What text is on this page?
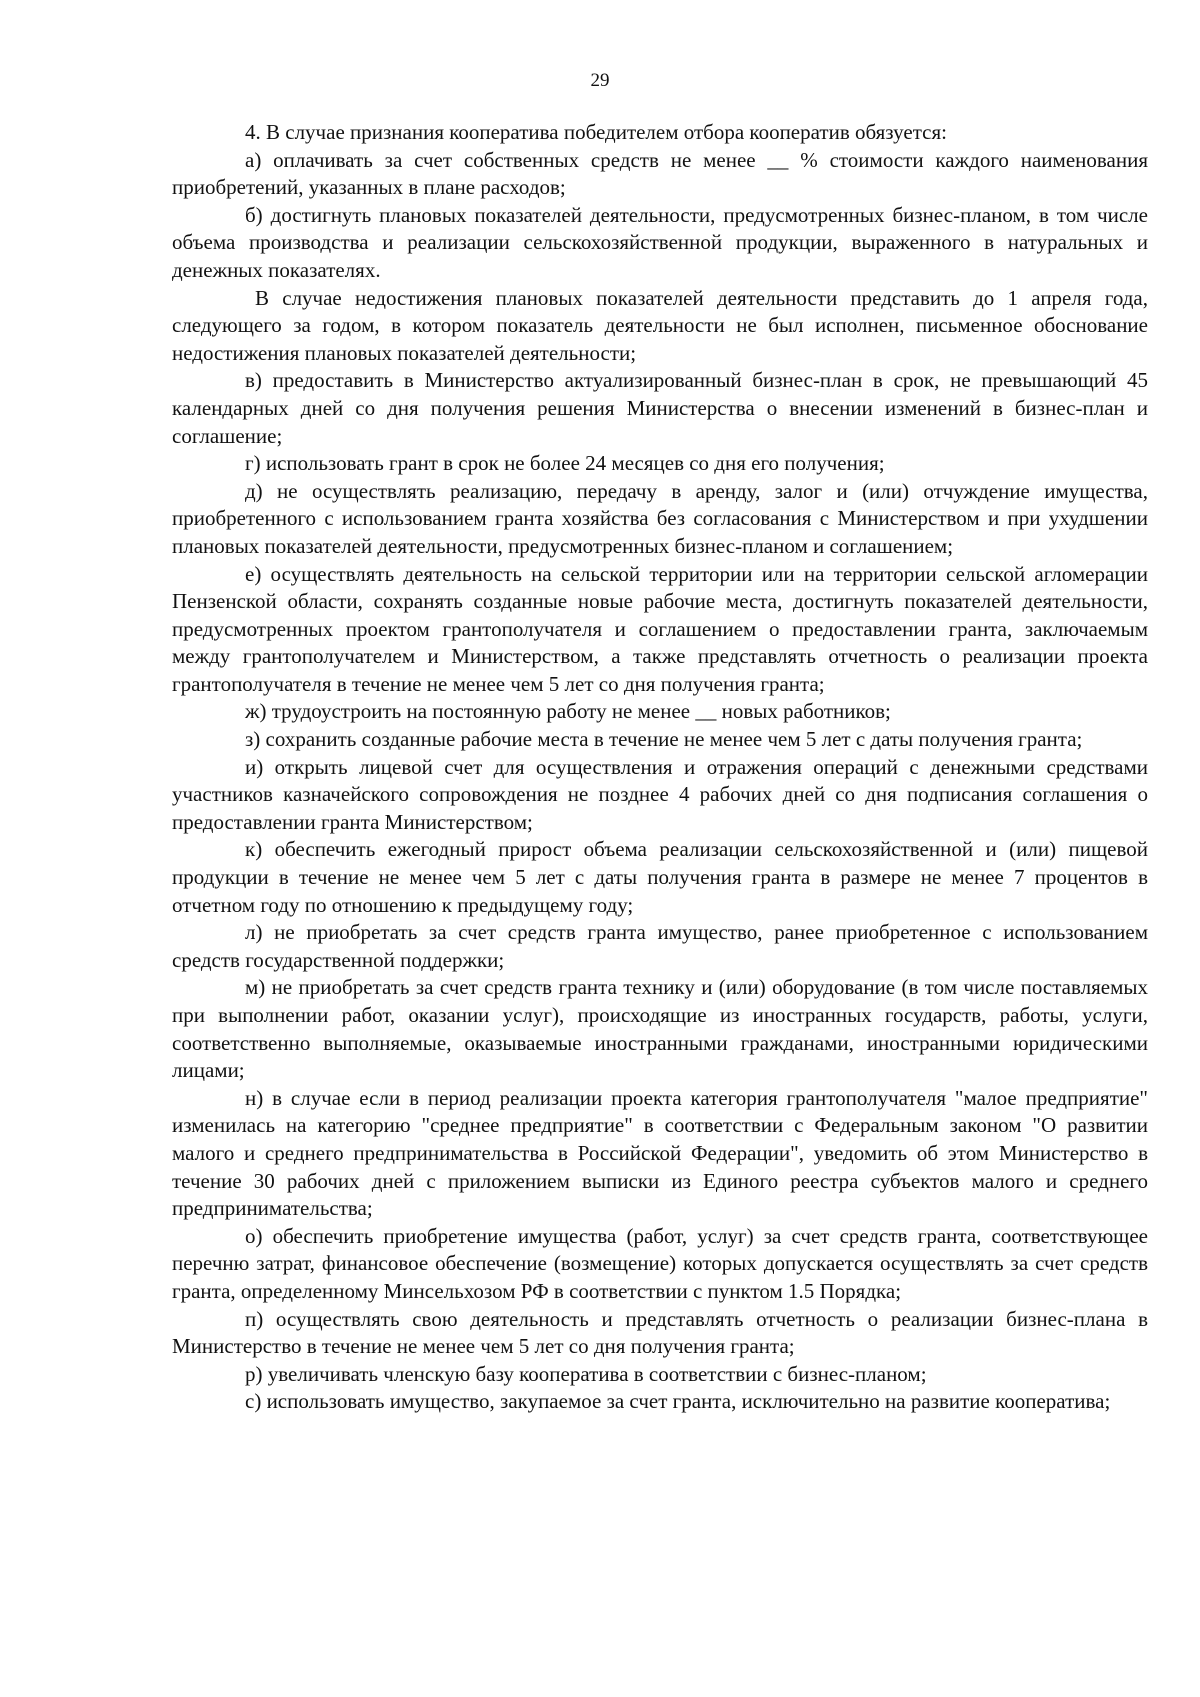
29

4. В случае признания кооператива победителем отбора кооператив обязуется:

а) оплачивать за счет собственных средств не менее __ % стоимости каждого наименования приобретений, указанных в плане расходов;

б) достигнуть плановых показателей деятельности, предусмотренных бизнес-планом, в том числе объема производства и реализации сельскохозяйственной продукции, выраженного в натуральных и денежных показателях.

В случае недостижения плановых показателей деятельности представить до 1 апреля года, следующего за годом, в котором показатель деятельности не был исполнен, письменное обоснование недостижения плановых показателей деятельности;

в) предоставить в Министерство актуализированный бизнес-план в срок, не превышающий 45 календарных дней со дня получения решения Министерства о внесении изменений в бизнес-план и соглашение;

г) использовать грант в срок не более 24 месяцев со дня его получения;

д) не осуществлять реализацию, передачу в аренду, залог и (или) отчуждение имущества, приобретенного с использованием гранта хозяйства без согласования с Министерством и при ухудшении плановых показателей деятельности, предусмотренных бизнес-планом и соглашением;

е) осуществлять деятельность на сельской территории или на территории сельской агломерации Пензенской области, сохранять созданные новые рабочие места, достигнуть показателей деятельности, предусмотренных проектом грантополучателя и соглашением о предоставлении гранта, заключаемым между грантополучателем и Министерством, а также представлять отчетность о реализации проекта грантополучателя в течение не менее чем 5 лет со дня получения гранта;

ж) трудоустроить на постоянную работу не менее __ новых работников;

з) сохранить созданные рабочие места в течение не менее чем 5 лет с даты получения гранта;

и) открыть лицевой счет для осуществления и отражения операций с денежными средствами участников казначейского сопровождения не позднее 4 рабочих дней со дня подписания соглашения о предоставлении гранта Министерством;

к) обеспечить ежегодный прирост объема реализации сельскохозяйственной и (или) пищевой продукции в течение не менее чем 5 лет с даты получения гранта в размере не менее 7 процентов в отчетном году по отношению к предыдущему году;

л) не приобретать за счет средств гранта имущество, ранее приобретенное с использованием средств государственной поддержки;

м) не приобретать за счет средств гранта технику и (или) оборудование (в том числе поставляемых при выполнении работ, оказании услуг), происходящие из иностранных государств, работы, услуги, соответственно выполняемые, оказываемые иностранными гражданами, иностранными юридическими лицами;

н) в случае если в период реализации проекта категория грантополучателя "малое предприятие" изменилась на категорию "среднее предприятие" в соответствии с Федеральным законом "О развитии малого и среднего предпринимательства в Российской Федерации", уведомить об этом Министерство в течение 30 рабочих дней с приложением выписки из Единого реестра субъектов малого и среднего предпринимательства;

о) обеспечить приобретение имущества (работ, услуг) за счет средств гранта, соответствующее перечню затрат, финансовое обеспечение (возмещение) которых допускается осуществлять за счет средств гранта, определенному Минсельхозом РФ в соответствии с пунктом 1.5 Порядка;

п) осуществлять свою деятельность и представлять отчетность о реализации бизнес-плана в Министерство в течение не менее чем 5 лет со дня получения гранта;

р) увеличивать членскую базу кооператива в соответствии с бизнес-планом;

с) использовать имущество, закупаемое за счет гранта, исключительно на развитие кооператива;
